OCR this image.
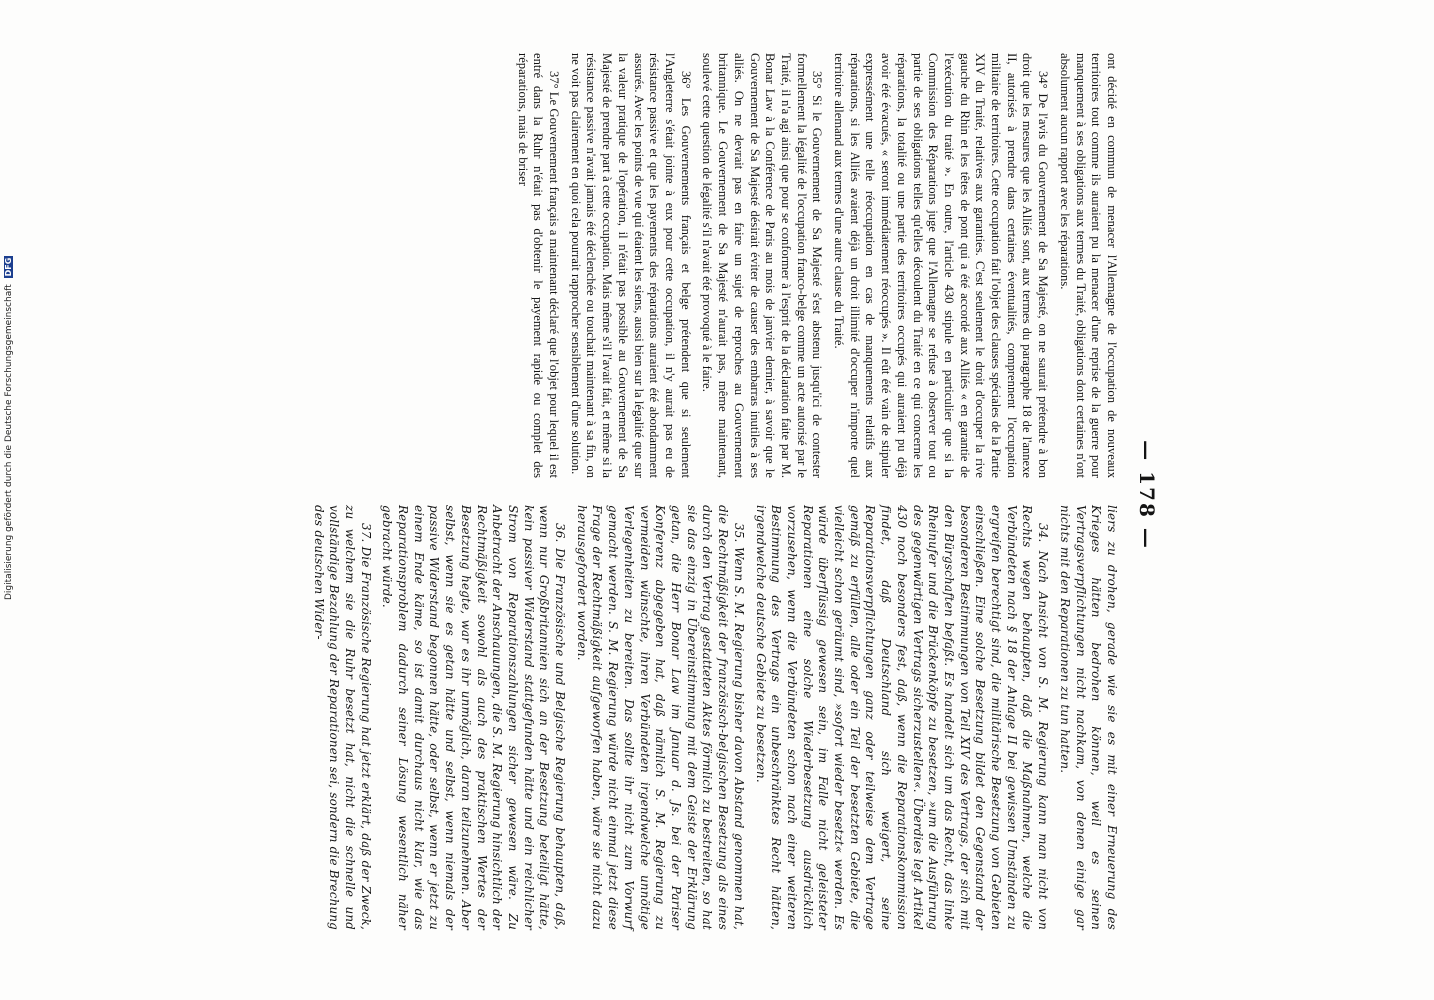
— 178 —

ont décidé en commun de menacer l'Allemagne de l'occupation de nouveaux territoires tout comme ils auraient pu la menacer d'une reprise de la guerre pour manquement à ses obligations aux termes du Traité, obligations dont certaines n'ont absolument aucun rapport avec les réparations.

34° De l'avis du Gouvernement de Sa Majesté, on ne saurait prétendre à bon droit que les mesures que les Alliés sont, aux termes du paragraphe 18 de l'annexe II, autorisés à prendre dans certaines éventualités, comprennent l'occupation militaire de territoires. Cette occupation fait l'objet des clauses spéciales de la Partie XIV du Traité, relatives aux garanties. C'est seulement le droit d'occuper la rive gauche du Rhin et les têtes de pont qui a été accordé aux Alliés « en garantie de l'exécution du traité ». En outre, l'article 430 stipule en particulier que si la Commission des Réparations juge que l'Allemagne se refuse à observer tout ou partie de ses obligations telles qu'elles découlent du Traité en ce qui concerne les réparations, la totalité ou une partie des territoires occupés qui auraient pu déjà avoir été évacués, « seront immédiatement réoccupés ». Il eût été vain de stipuler expressément une telle réoccupation en cas de manquements relatifs aux réparations, si les Alliés avaient déjà un droit illimité d'occuper n'importe quel territoire allemand aux termes d'une autre clause du Traité.

35° Si le Gouvernement de Sa Majesté s'est abstenu jusqu'ici de contester formellement la légalité de l'occupation franco-belge comme un acte autorisé par le Traité, il n'a agi ainsi que pour se conformer à l'esprit de la déclaration faite par M. Bonar Law à la Conférence de Paris au mois de janvier dernier, à savoir que le Gouvernement de Sa Majesté désirait éviter de causer des embarras inutiles à ses alliés. On ne devrait pas en faire un sujet de reproches au Gouvernement britannique. Le Gouvernement de Sa Majesté n'aurait pas, même maintenant, soulevé cette question de légalité s'il n'avait été provoqué à le faire.

36° Les Gouvernements français et belge prétendent que si seulement l'Angleterre s'était jointe à eux pour cette occupation, il n'y aurait pas eu de résistance passive et que les payements des réparations auraient été abondamment assurés. Avec les points de vue qui étaient les siens, aussi bien sur la légalité que sur la valeur pratique de l'opération, il n'était pas possible au Gouvernement de Sa Majesté de prendre part à cette occupation. Mais même s'il l'avait fait, et même si la résistance passive n'avait jamais été déclenchée ou touchait maintenant à sa fin, on ne voit pas clairement en quoi cela pourrait rapprocher sensiblement d'une solution.

37° Le Gouvernement français a maintenant déclaré que l'objet pour lequel il est entré dans la Ruhr n'était pas d'obtenir le payement rapide ou complet des réparations, mais de briser

liers zu drohen, gerade wie sie es mit einer Erneuerung des Krieges hätten bedrohen können, weil es seinen Vertragsverpflichtungen nicht nachkam, von denen einige gar nichts mit den Reparationen zu tun hatten.

34. Nach Ansicht von S. M. Regierung kann man nicht von Rechts wegen behaupten, daß die Maßnahmen, welche die Verbündeten nach § 18 der Anlage II bei gewissen Umständen zu ergreifen berechtigt sind, die militärische Besetzung von Gebieten einschließen. Eine solche Besetzung bildet den Gegenstand der besonderen Bestimmungen von Teil XIV des Vertrags, der sich mit den Bürgschaften befaßt. Es handelt sich um das Recht, das linke Rheinufer und die Brückenköpfe zu besetzen, »um die Ausführung des gegenwärtigen Vertrags sicherzustellen«. Überdies legt Artikel 430 noch besonders fest, daß, wenn die Reparationskommission findet, daß Deutschland sich weigert, seine Reparationsverpflichtungen ganz oder teilweise dem Vertrage gemäß zu erfüllen, alle oder ein Teil der besetzten Gebiete, die vielleicht schon geräumt sind, »sofort wieder besetzt« werden. Es würde überflüssig gewesen sein, im Falle nicht geleisteter Reparationen eine solche Wiederbesetzung ausdrücklich vorzusehen, wenn die Verbündeten schon nach einer weiteren Bestimmung des Vertrags ein unbeschränktes Recht hätten, irgendwelche deutsche Gebiete zu besetzen.

35. Wenn S. M. Regierung bisher davon Abstand genommen hat, die Rechtmäßigkeit der französisch-belgischen Besetzung als eines durch den Vertrag gestatteten Aktes förmlich zu bestreiten, so hat sie das einzig in Übereinstimmung mit dem Geiste der Erklärung getan, die Herr Bonar Law im Januar d. Js. bei der Pariser Konferenz abgegeben hat, daß nämlich S. M. Regierung zu vermeiden wünschte, ihren Verbündeten irgendwelche unnötige Verlegenheiten zu bereiten. Das sollte ihr nicht zum Vorwurf gemacht werden. S. M. Regierung würde nicht einmal jetzt diese Frage der Rechtmäßigkeit aufgeworfen haben, wäre sie nicht dazu herausgefordert worden.

36. Die Französische und Belgische Regierung behaupten, daß, wenn nur Großbritannien sich an der Besetzung beteiligt hätte, kein passiver Widerstand stattgefunden hätte und ein reichlicher Strom von Reparationszahlungen sicher gewesen wäre. Zu Anbetracht der Anschauungen, die S. M. Regierung hinsichtlich der Rechtmäßigkeit sowohl als auch des praktischen Wertes der Besetzung hegte, war es ihr unmöglich, daran teilzunehmen. Aber selbst, wenn sie es getan hätte und selbst, wenn niemals der passive Widerstand begonnen hätte, oder selbst, wenn er jetzt zu einem Ende käme, so ist damit durchaus nicht klar, wie das Reparationsproblem dadurch seiner Lösung wesentlich näher gebracht würde.

37. Die Französische Regierung hat jetzt erklärt, daß der Zweck, zu welchem sie die Ruhr besetzt hat, nicht die schnelle und vollständige Bezahlung der Reparationen sei, sondern die Brechung des deutschen Wider-

Digitalisierung gefördert durch die Deutsche Forschungsgemeinschaft DFG
